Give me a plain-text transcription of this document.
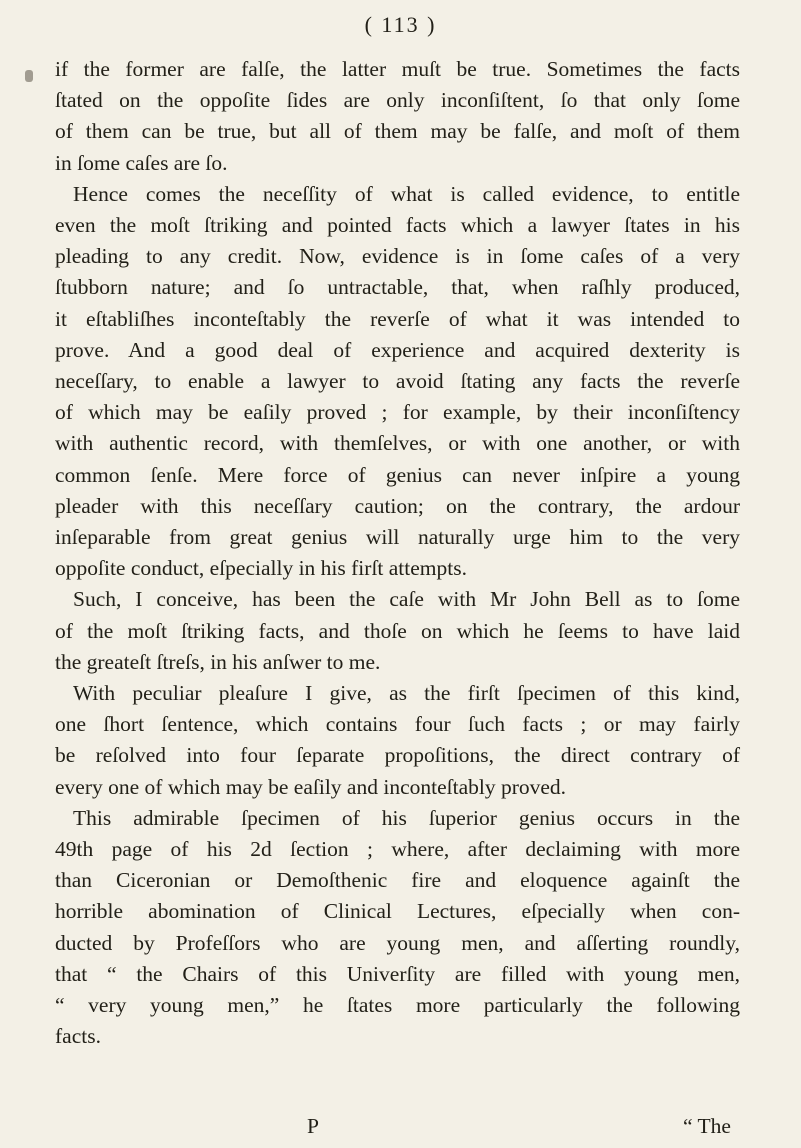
( 113 )
if the former are falſe, the latter muſt be true. Sometimes the facts
ſtated on the oppoſite ſides are only inconſiſtent, ſo that only ſome
of them can be true, but all of them may be falſe, and moſt of them
in ſome caſes are ſo.
Hence comes the neceſſity of what is called evidence, to entitle
even the moſt ſtriking and pointed facts which a lawyer ſtates in his
pleading to any credit. Now, evidence is in ſome caſes of a very
ſtubborn nature; and ſo untractable, that, when raſhly produced,
it eſtabliſhes inconteſtably the reverſe of what it was intended to
prove. And a good deal of experience and acquired dexterity is
neceſſary, to enable a lawyer to avoid ſtating any facts the reverſe
of which may be eaſily proved ; for example, by their inconſiſtency
with authentic record, with themſelves, or with one another, or with
common ſenſe. Mere force of genius can never inſpire a young
pleader with this neceſſary caution; on the contrary, the ardour
inſeparable from great genius will naturally urge him to the very
oppoſite conduct, eſpecially in his firſt attempts.
Such, I conceive, has been the caſe with Mr John Bell as to ſome
of the moſt ſtriking facts, and thoſe on which he ſeems to have laid
the greateſt ſtreſs, in his anſwer to me.
With peculiar pleaſure I give, as the firſt ſpecimen of this kind,
one ſhort ſentence, which contains four ſuch facts ; or may fairly
be reſolved into four ſeparate propoſitions, the direct contrary of
every one of which may be eaſily and inconteſtably proved.
This admirable ſpecimen of his ſuperior genius occurs in the
49th page of his 2d ſection ; where, after declaiming with more
than Ciceronian or Demoſthenic fire and eloquence againſt the
horrible abomination of Clinical Lectures, eſpecially when con-
ducted by Profeſſors who are young men, and aſſerting roundly,
that “ the Chairs of this Univerſity are filled with young men,
“ very young men,” he ſtates more particularly the following
facts.
P	“ The
